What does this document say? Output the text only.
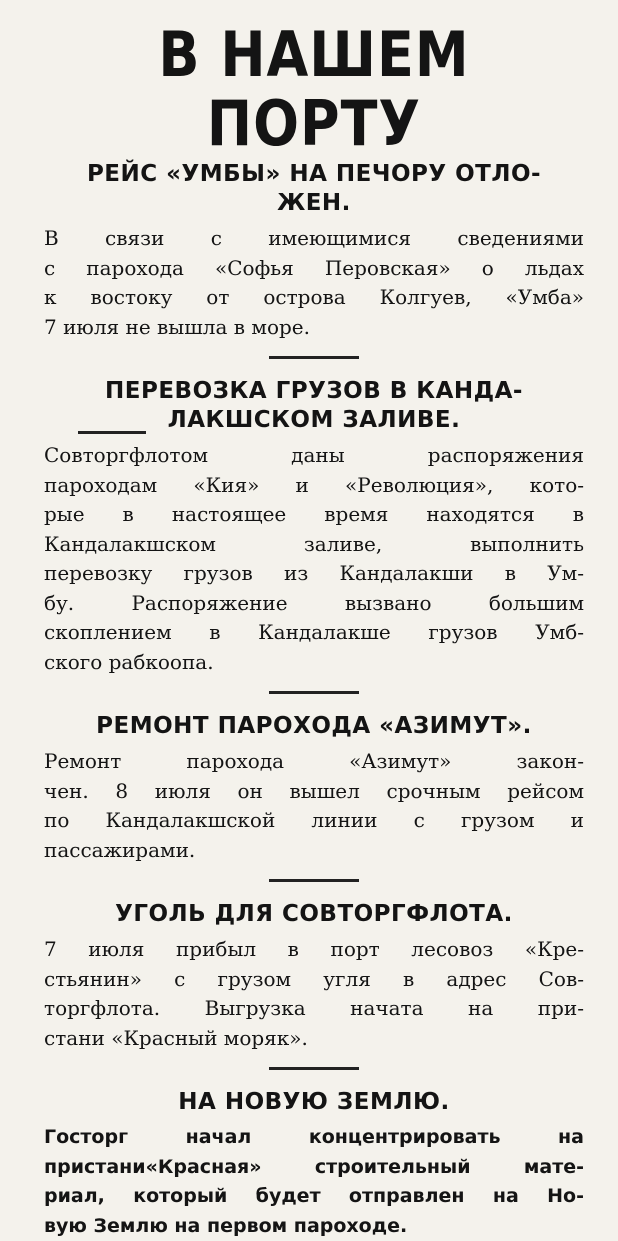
В НАШЕМ ПОРТУ
РЕЙС «УМБЫ» НА ПЕЧОРУ ОТЛО-
ЖЕН.

В связи с имеющимися сведениями
с парохода «Софья Перовская» о льдах
к востоку от острова Колгуев, «Умба»
7 июля не вышла в море.

ПЕРЕВОЗКА ГРУЗОВ В КАНДА-
ЛАКШСКОМ ЗАЛИВЕ.

Совторгфлотом даны распоряжения
пароходам «Кия» и «Революция», кото-
рые в настоящее время находятся в
Кандалакшском заливе, выполнить
перевозку грузов из Кандалакши в Ум-
бу. Распоряжение вызвано большим
скоплением в Кандалакше грузов Умб-
ского рабкоопа.

РЕМОНТ ПАРОХОДА «АЗИМУТ».

Ремонт парохода «Азимут» закон-
чен. 8 июля он вышел срочным рейсом
по Кандалакшской линии с грузом и
пассажирами.

УГОЛЬ ДЛЯ СОВТОРГФЛОТА.

7 июля прибыл в порт лесовоз «Кре-
стьянин» с грузом угля в адрес Сов-
торгфлота. Выгрузка начата на при-
стани «Красный моряк».

НА НОВУЮ ЗЕМЛЮ.

Госторг начал концентрировать на
пристани«Красная» строительный мате-
риал, который будет отправлен на Но-
вую Землю на первом пароходе.
